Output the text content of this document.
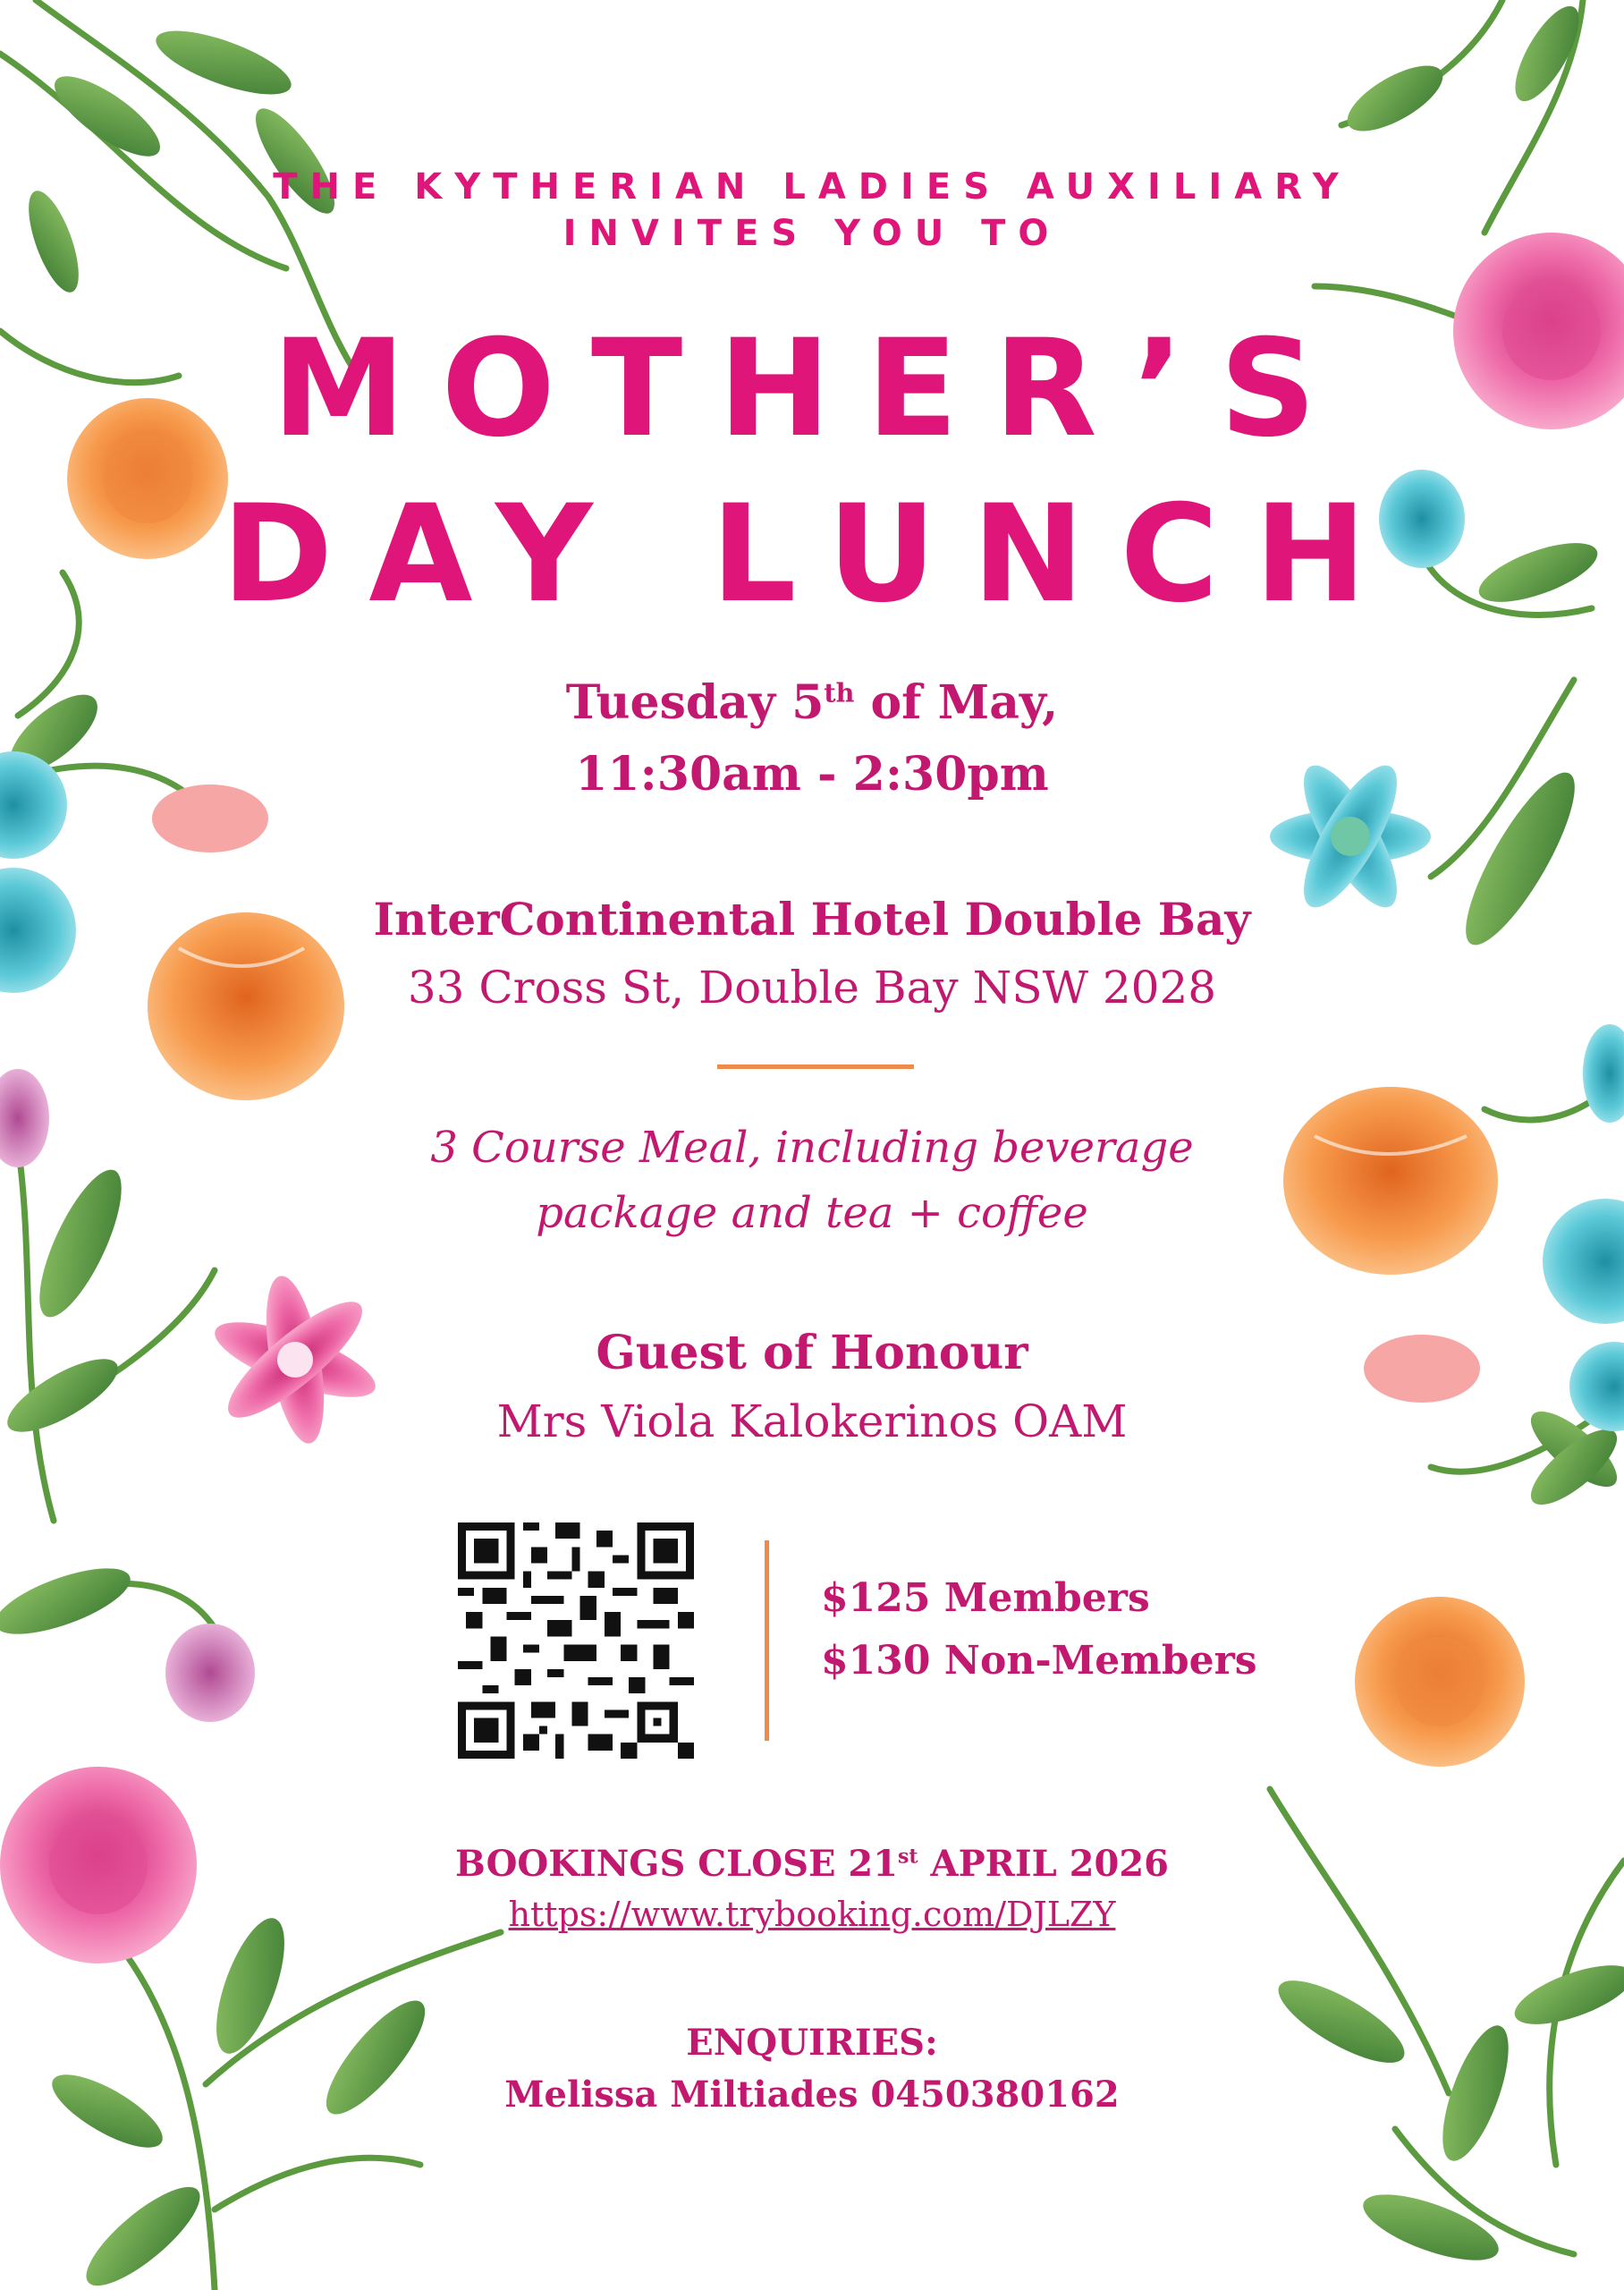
THE KYTHERIAN LADIES AUXILIARY
INVITES YOU TO
MOTHER’S
DAY LUNCH
Tuesday 5th of May,
11:30am - 2:30pm
InterContinental Hotel Double Bay
33 Cross St, Double Bay NSW 2028
3 Course Meal, including beverage
package and tea + coffee
Guest of Honour
Mrs Viola Kalokerinos OAM
$125 Members
$130 Non-Members
BOOKINGS CLOSE 21st APRIL 2026
https://www.trybooking.com/DJLZY
ENQUIRIES:
Melissa Miltiades 0450380162
